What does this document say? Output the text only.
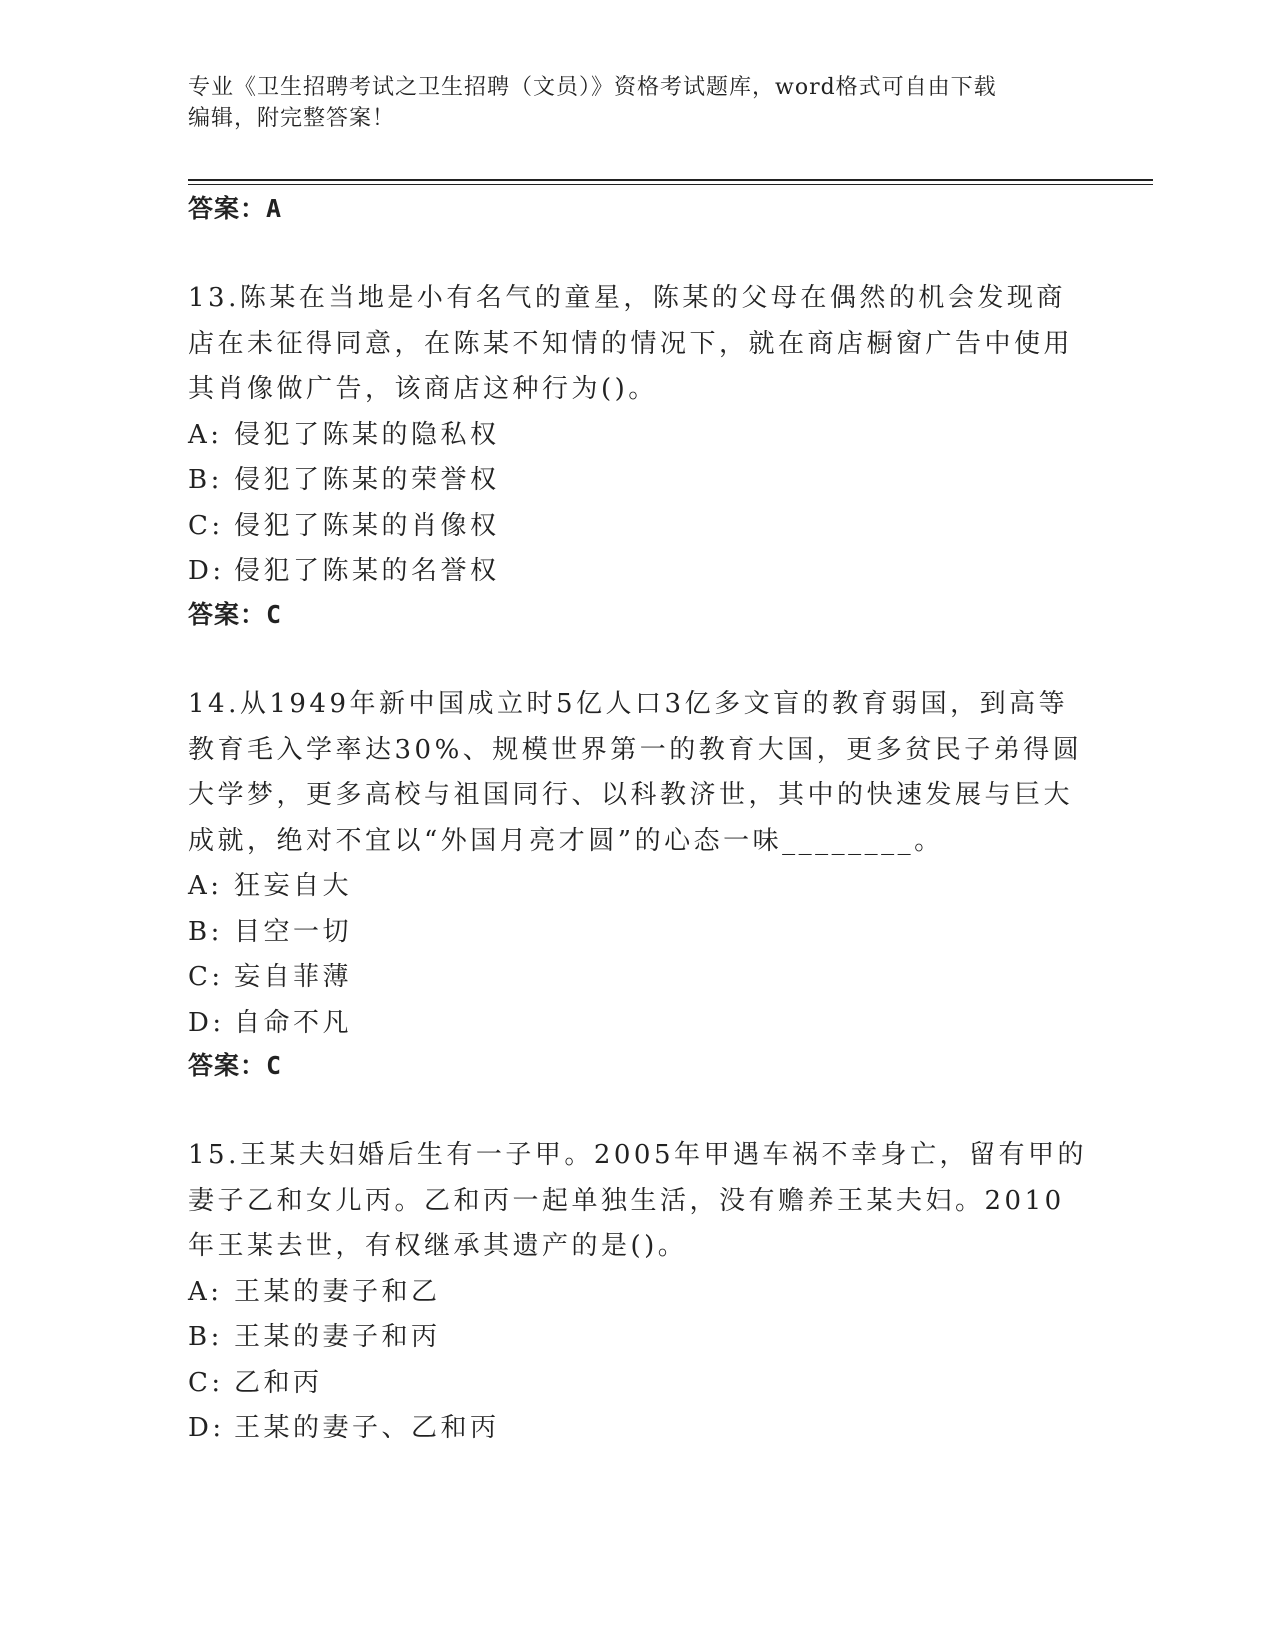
专业《卫生招聘考试之卫生招聘（文员）》资格考试题库，word格式可自由下载
编辑，附完整答案！
答案：A
13.陈某在当地是小有名气的童星，陈某的父母在偶然的机会发现商店在未征得同意，在陈某不知情的情况下，就在商店橱窗广告中使用其肖像做广告，该商店这种行为()。
A: 侵犯了陈某的隐私权
B: 侵犯了陈某的荣誉权
C: 侵犯了陈某的肖像权
D: 侵犯了陈某的名誉权
答案：C
14.从1949年新中国成立时5亿人口3亿多文盲的教育弱国，到高等教育毛入学率达30%、规模世界第一的教育大国，更多贫民子弟得圆大学梦，更多高校与祖国同行、以科教济世，其中的快速发展与巨大成就，绝对不宜以“外国月亮才圆”的心态一味________。
A: 狂妄自大
B: 目空一切
C: 妄自菲薄
D: 自命不凡
答案：C
15.王某夫妇婚后生有一子甲。2005年甲遇车祸不幸身亡，留有甲的妻子乙和女儿丙。乙和丙一起单独生活，没有赡养王某夫妇。2010年王某去世，有权继承其遗产的是()。
A: 王某的妻子和乙
B: 王某的妻子和丙
C: 乙和丙
D: 王某的妻子、乙和丙
